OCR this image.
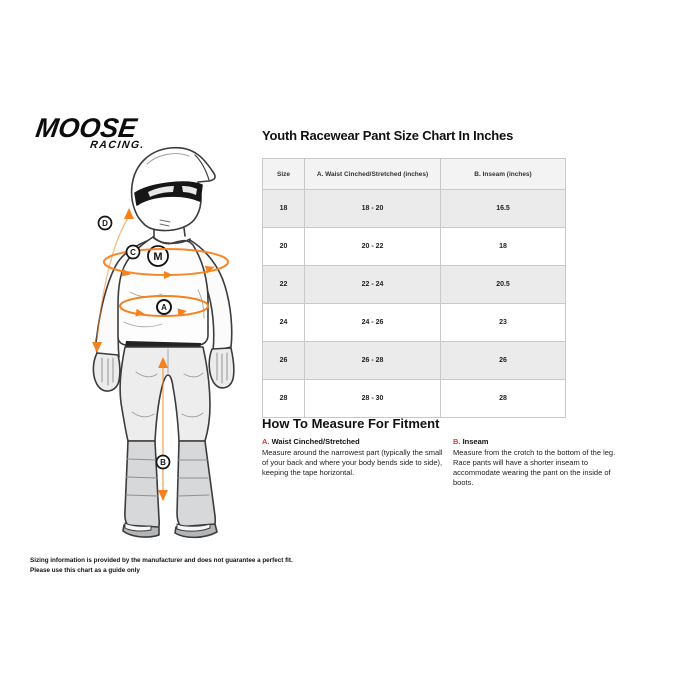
MOOSE
RACING.
M
D
C
A
B
Youth Racewear Pant Size Chart In Inches
Size	A. Waist Cinched/Stretched (inches)	B. Inseam (inches)
18	18 - 20	16.5
20	20 - 22	18
22	22 - 24	20.5
24	24 - 26	23
26	26 - 28	26
28	28 - 30	28
How To Measure For Fitment
A. Waist Cinched/Stretched
Measure around the narrowest part (typically the small of your back and where your body bends side to side), keeping the tape horizontal.
B. Inseam
Measure from the crotch to the bottom of the leg. Race pants will have a shorter inseam to accommodate wearing the pant on the inside of boots.
Sizing information is provided by the manufacturer and does not guarantee a perfect fit.
Please use this chart as a guide only
